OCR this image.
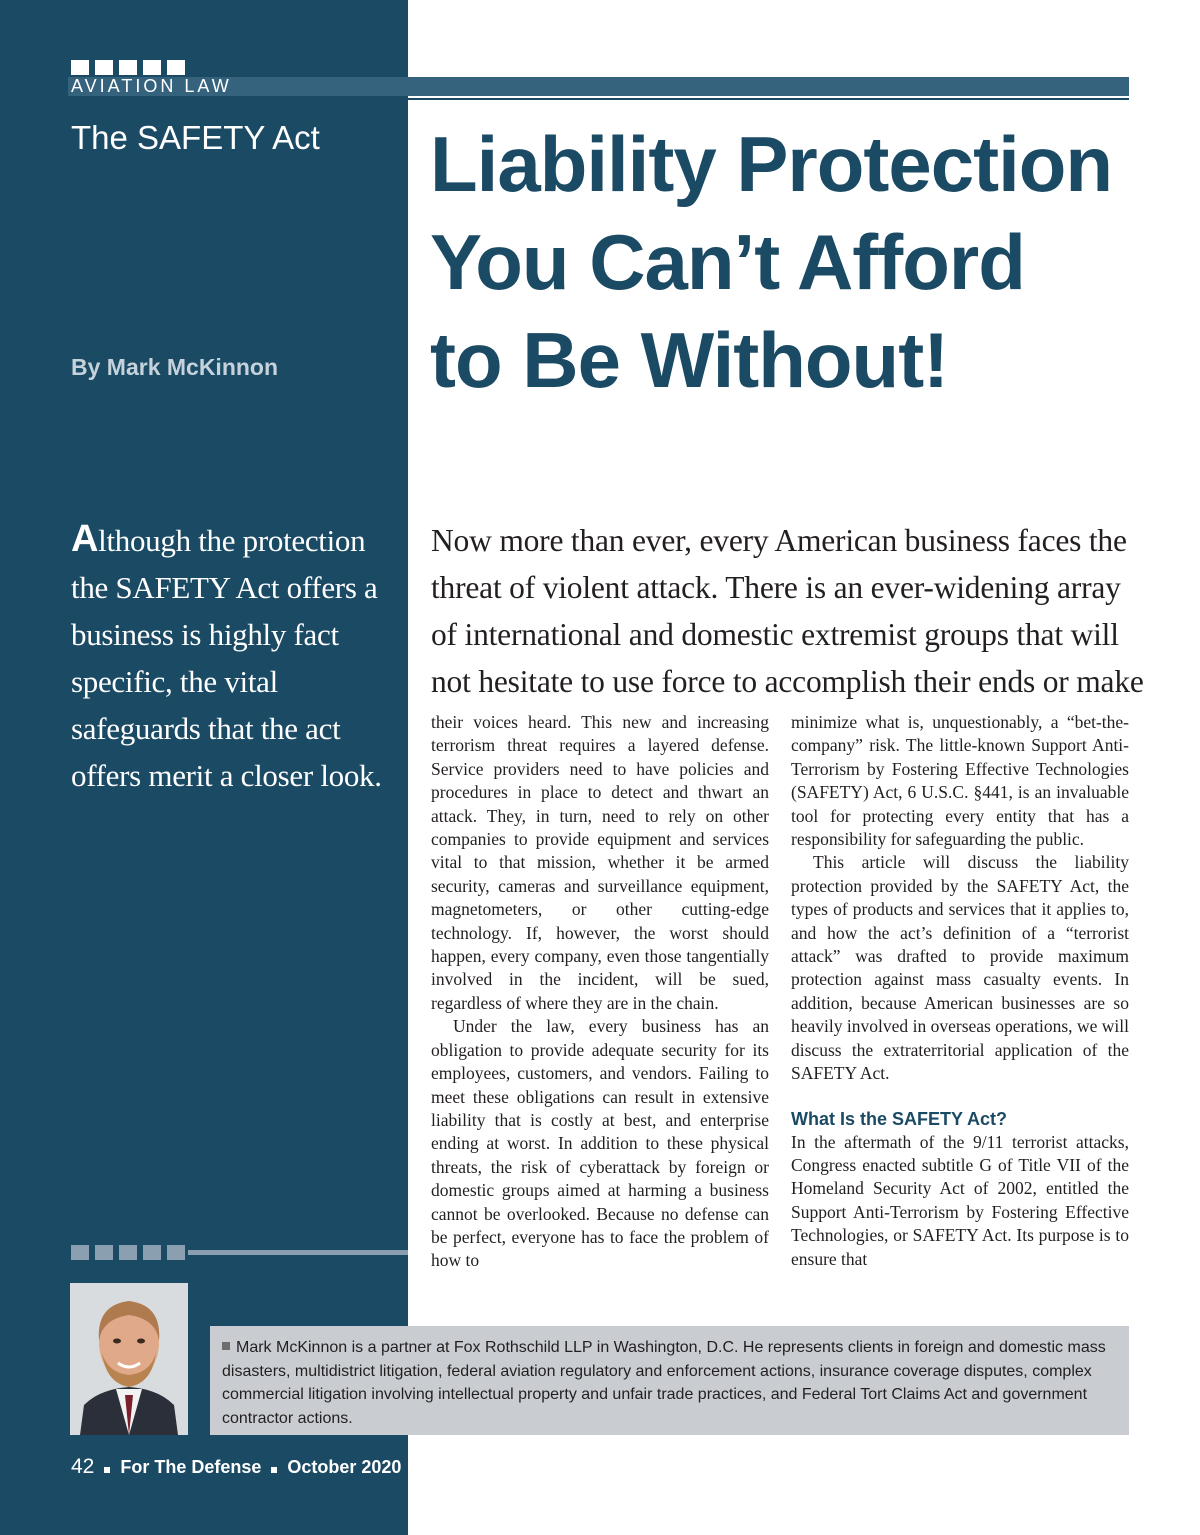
AVIATION LAW
The SAFETY Act
By Mark McKinnon
Liability Protection
You Can’t Afford
to Be Without!
Although the protection the SAFETY Act offers a business is highly fact specific, the vital safeguards that the act offers merit a closer look.
Now more than ever, every American business faces the threat of violent attack. There is an ever-widening array of international and domestic extremist groups that will not hesitate to use force to accomplish their ends or make

their voices heard. This new and increasing terrorism threat requires a layered defense. Service providers need to have policies and procedures in place to detect and thwart an attack. They, in turn, need to rely on other companies to provide equipment and services vital to that mission, whether it be armed security, cameras and surveillance equipment, magnetometers, or other cutting-edge technology. If, however, the worst should happen, every company, even those tangentially involved in the incident, will be sued, regardless of where they are in the chain.

Under the law, every business has an obligation to provide adequate security for its employees, customers, and vendors. Failing to meet these obligations can result in extensive liability that is costly at best, and enterprise ending at worst. In addition to these physical threats, the risk of cyberattack by foreign or domestic groups aimed at harming a business cannot be overlooked. Because no defense can be perfect, everyone has to face the problem of how to

minimize what is, unquestionably, a “bet-the-company” risk. The little-known Support Anti-Terrorism by Fostering Effective Technologies (SAFETY) Act, 6 U.S.C. §441, is an invaluable tool for protecting every entity that has a responsibility for safeguarding the public.

This article will discuss the liability protection provided by the SAFETY Act, the types of products and services that it applies to, and how the act’s definition of a “terrorist attack” was drafted to provide maximum protection against mass casualty events. In addition, because American businesses are so heavily involved in overseas operations, we will discuss the extraterritorial application of the SAFETY Act.

What Is the SAFETY Act?

In the aftermath of the 9/11 terrorist attacks, Congress enacted subtitle G of Title VII of the Homeland Security Act of 2002, entitled the Support Anti-Terrorism by Fostering Effective Technologies, or SAFETY Act. Its purpose is to ensure that

Mark McKinnon is a partner at Fox Rothschild LLP in Washington, D.C. He represents clients in foreign and domestic mass disasters, multidistrict litigation, federal aviation regulatory and enforcement actions, insurance coverage disputes, complex commercial litigation involving intellectual property and unfair trade practices, and Federal Tort Claims Act and government contractor actions.
42 For The Defense October 2020
